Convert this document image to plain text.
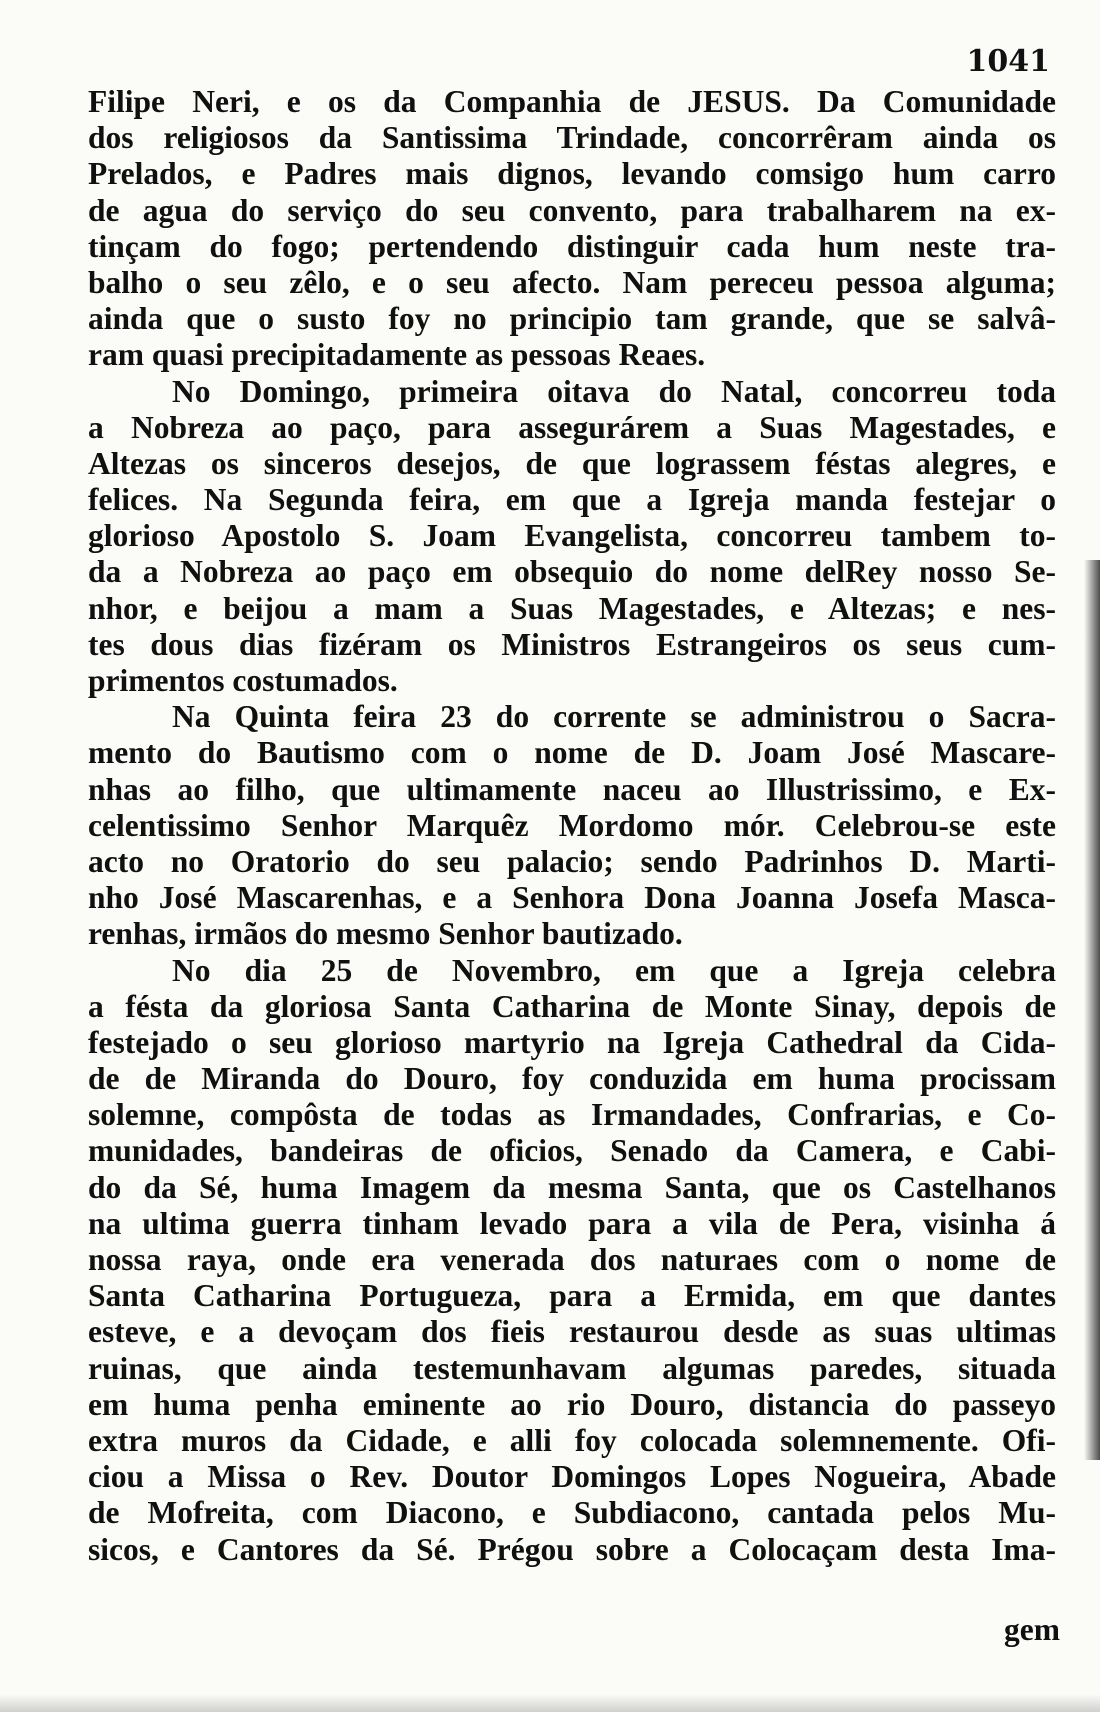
1041
Filipe Neri, e os da Companhia de JESUS. Da Comunidade
dos religiosos da Santissima Trindade, concorrêram ainda os
Prelados, e Padres mais dignos, levando comsigo hum carro
de agua do serviço do seu convento, para trabalharem na ex-
tinçam do fogo; pertendendo distinguir cada hum neste tra-
balho o seu zêlo, e o seu afecto. Nam pereceu pessoa alguma;
ainda que o susto foy no principio tam grande, que se salvâ-
ram quasi precipitadamente as pessoas Reaes.
No Domingo, primeira oitava do Natal, concorreu toda
a Nobreza ao paço, para assegurárem a Suas Magestades, e
Altezas os sinceros desejos, de que lograssem féstas alegres, e
felices. Na Segunda feira, em que a Igreja manda festejar o
glorioso Apostolo S. Joam Evangelista, concorreu tambem to-
da a Nobreza ao paço em obsequio do nome delRey nosso Se-
nhor, e beijou a mam a Suas Magestades, e Altezas; e nes-
tes dous dias fizéram os Ministros Estrangeiros os seus cum-
primentos costumados.
Na Quinta feira 23 do corrente se administrou o Sacra-
mento do Bautismo com o nome de D. Joam José Mascare-
nhas ao filho, que ultimamente naceu ao Illustrissimo, e Ex-
celentissimo Senhor Marquêz Mordomo mór. Celebrou-se este
acto no Oratorio do seu palacio; sendo Padrinhos D. Marti-
nho José Mascarenhas, e a Senhora Dona Joanna Josefa Masca-
renhas, irmãos do mesmo Senhor bautizado.
No dia 25 de Novembro, em que a Igreja celebra
a fésta da gloriosa Santa Catharina de Monte Sinay, depois de
festejado o seu glorioso martyrio na Igreja Cathedral da Cida-
de de Miranda do Douro, foy conduzida em huma procissam
solemne, compôsta de todas as Irmandades, Confrarias, e Co-
munidades, bandeiras de oficios, Senado da Camera, e Cabi-
do da Sé, huma Imagem da mesma Santa, que os Castelhanos
na ultima guerra tinham levado para a vila de Pera, visinha á
nossa raya, onde era venerada dos naturaes com o nome de
Santa Catharina Portugueza, para a Ermida, em que dantes
esteve, e a devoçam dos fieis restaurou desde as suas ultimas
ruinas, que ainda testemunhavam algumas paredes, situada
em huma penha eminente ao rio Douro, distancia do passeyo
extra muros da Cidade, e alli foy colocada solemnemente. Ofi-
ciou a Missa o Rev. Doutor Domingos Lopes Nogueira, Abade
de Mofreita, com Diacono, e Subdiacono, cantada pelos Mu-
sicos, e Cantores da Sé. Prégou sobre a Colocaçam desta Ima-
gem
